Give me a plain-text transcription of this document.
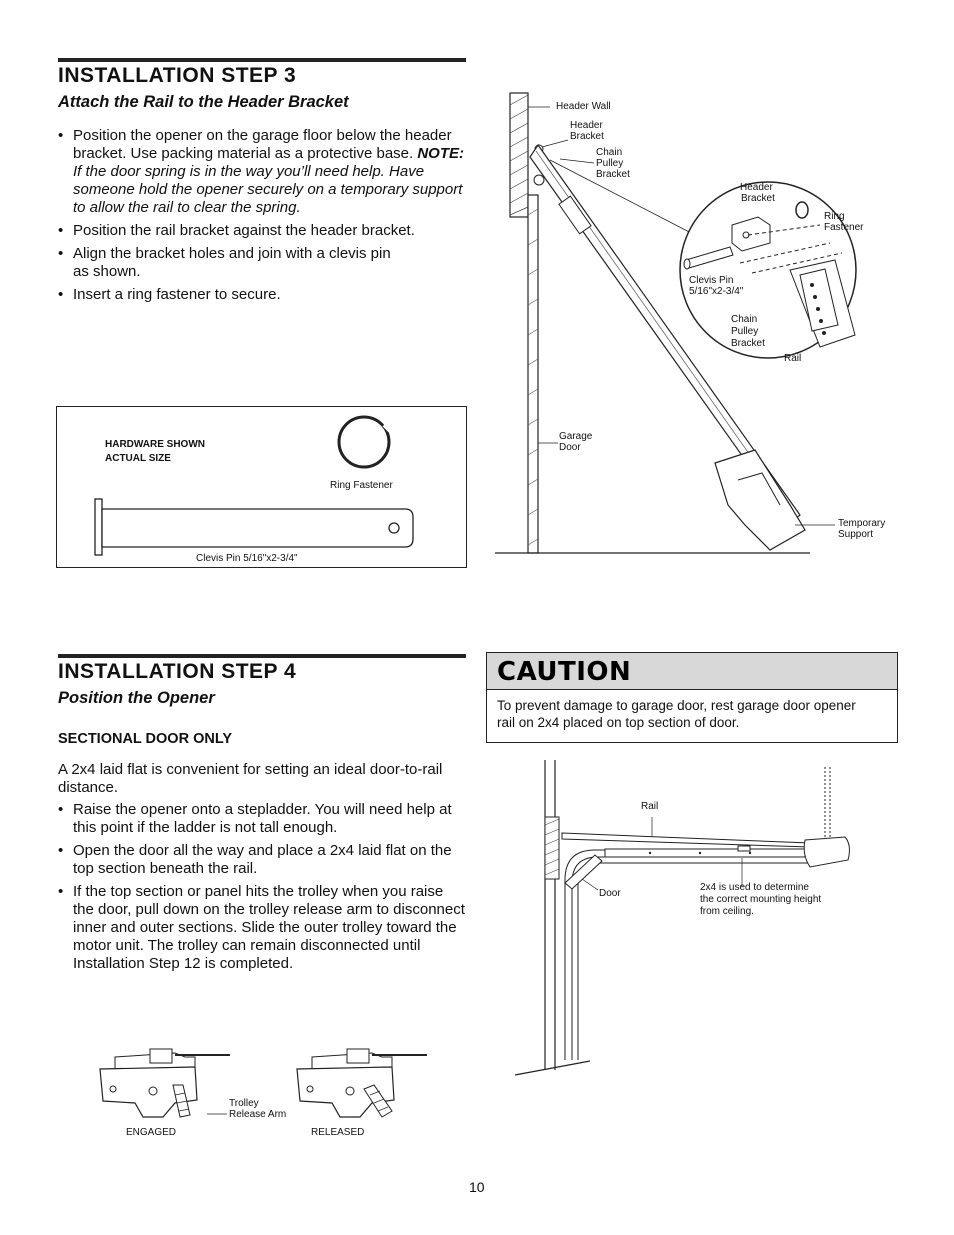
INSTALLATION STEP 3
Attach the Rail to the Header Bracket
• Position the opener on the garage floor below the header bracket. Use packing material as a protective base. NOTE: If the door spring is in the way you’ll need help. Have someone hold the opener securely on a temporary support to allow the rail to clear the spring.
• Position the rail bracket against the header bracket.
• Align the bracket holes and join with a clevis pin as shown.
• Insert a ring fastener to secure.
HARDWARE SHOWN
ACTUAL SIZE
Ring Fastener
Clevis Pin 5/16"x2-3/4"
Header Wall
Header
Bracket
Chain
Pulley
Bracket
Garage
Door
Temporary
Support
Header
Bracket
Ring
Fastener
Clevis Pin
5/16"x2-3/4"
Chain
Pulley
Bracket
Rail
INSTALLATION STEP 4
Position the Opener
SECTIONAL DOOR ONLY
A 2x4 laid flat is convenient for setting an ideal door-to-rail distance.
• Raise the opener onto a stepladder. You will need help at this point if the ladder is not tall enough.
• Open the door all the way and place a 2x4 laid flat on the top section beneath the rail.
• If the top section or panel hits the trolley when you raise the door, pull down on the trolley release arm to disconnect inner and outer sections. Slide the outer trolley toward the motor unit. The trolley can remain disconnected until Installation Step 12 is completed.
CAUTION
To prevent damage to garage door, rest garage door opener rail on 2x4 placed on top section of door.
Rail
Door
2x4 is used to determine
the correct mounting height
from ceiling.
Trolley
Release Arm
ENGAGED	RELEASED
10
